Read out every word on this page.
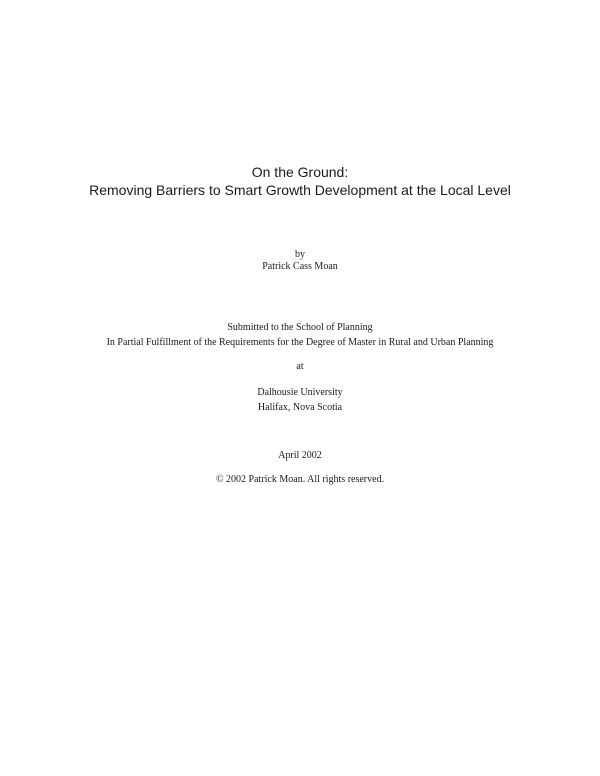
On the Ground:
Removing Barriers to Smart Growth Development at the Local Level

by

Patrick Cass Moan

Submitted to the School of Planning

In Partial Fulfillment of the Requirements for the Degree of Master in Rural and Urban Planning

at

Dalhousie University

Halifax, Nova Scotia

April 2002

© 2002 Patrick Moan. All rights reserved.
